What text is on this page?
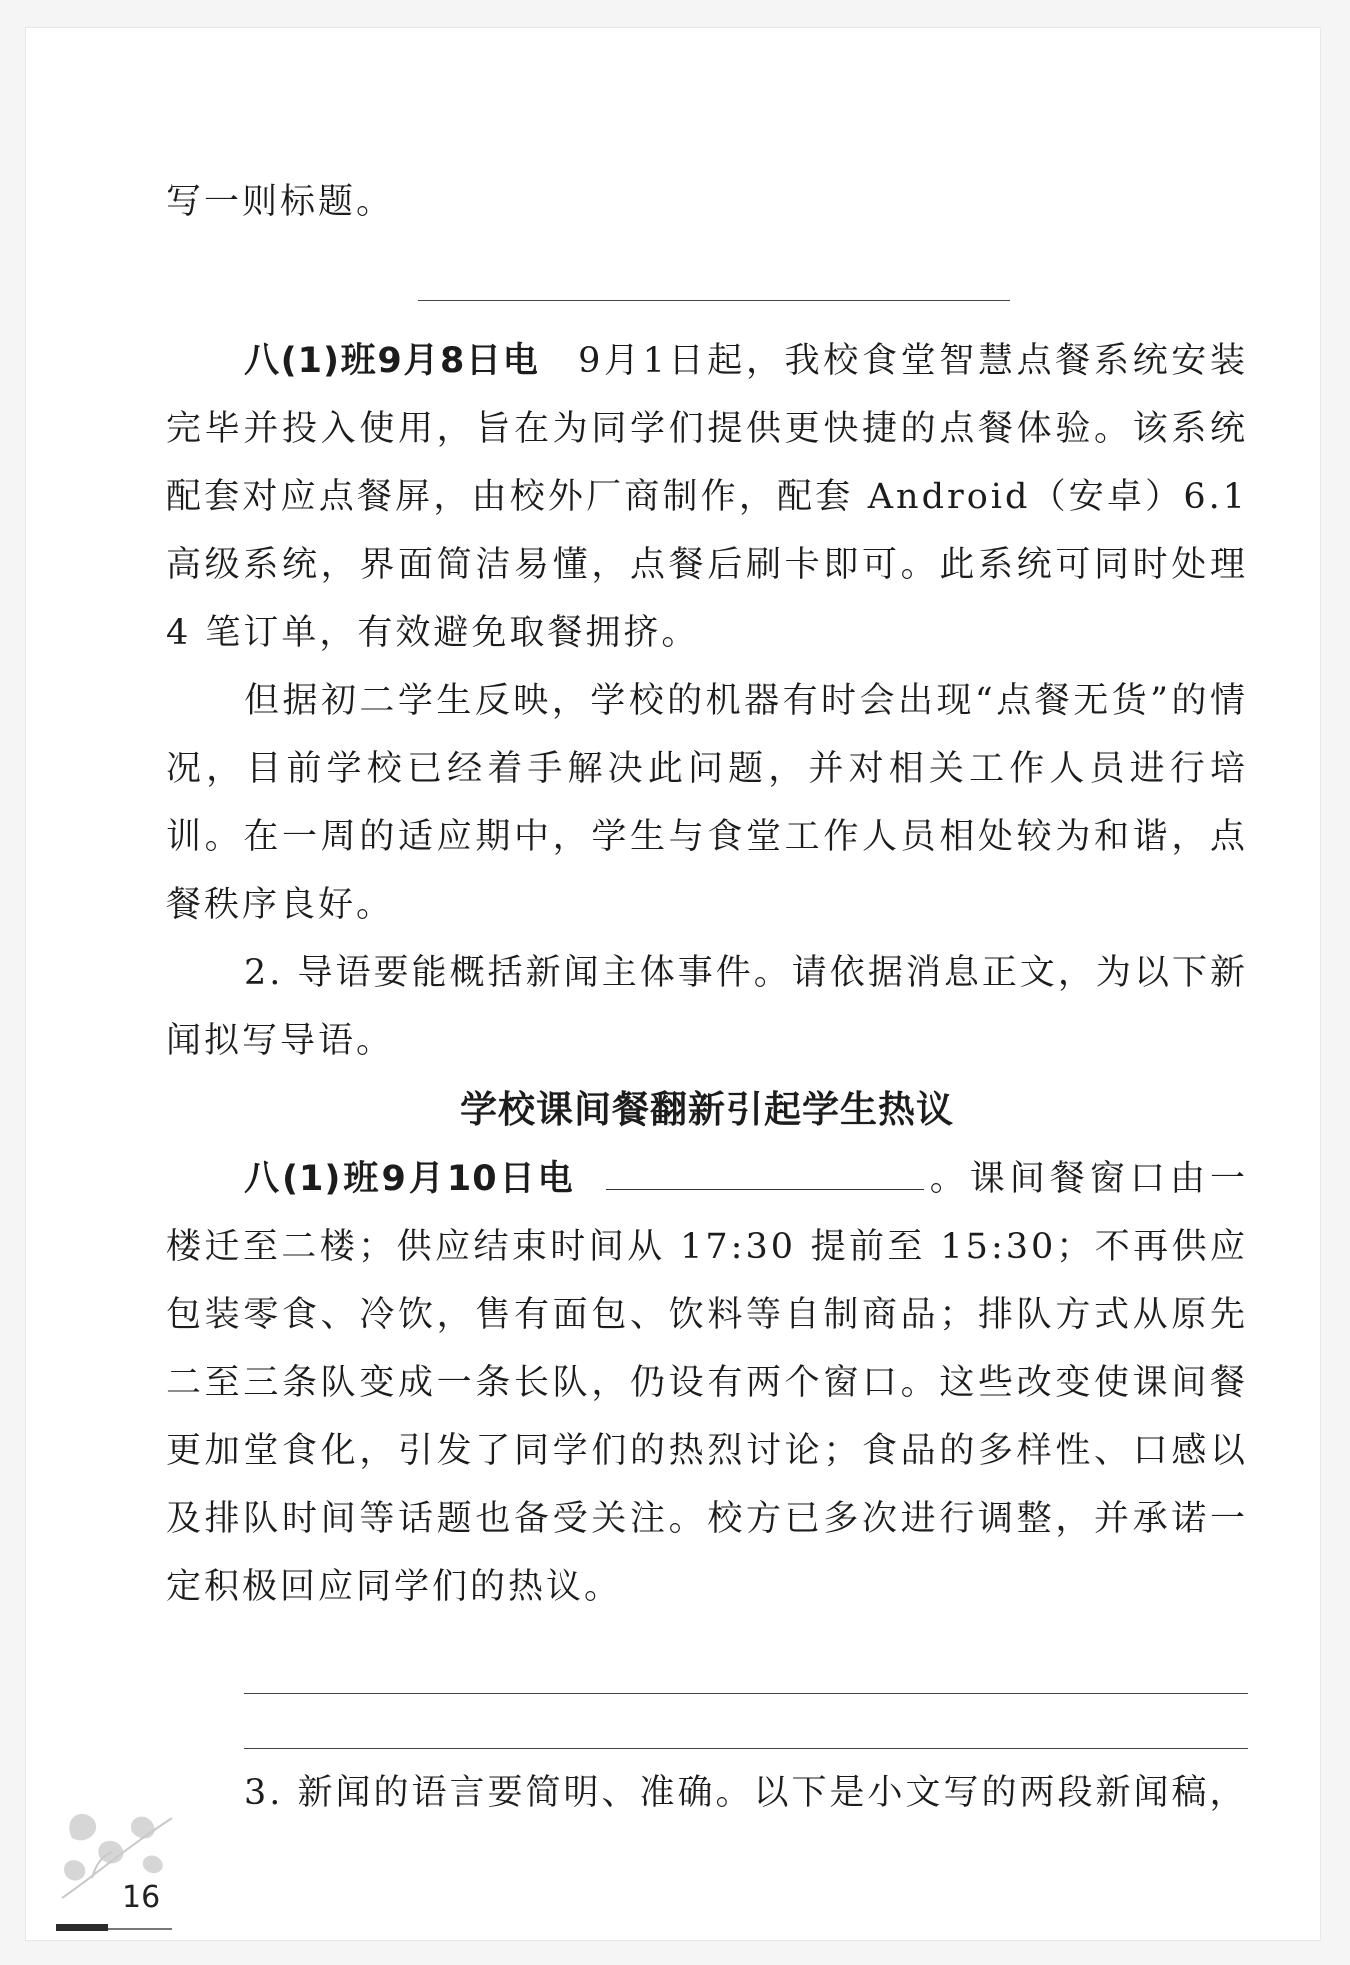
16

写一则标题。

八(1)班9月8日电　 9月1日起，我校食堂智慧点餐系统安装完毕并投入使用，旨在为同学们提供更快捷的点餐体验。该系统配套对应点餐屏，由校外厂商制作，配套 Android（安卓）6.1 高级系统，界面简洁易懂，点餐后刷卡即可。此系统可同时处理 4 笔订单，有效避免取餐拥挤。

但据初二学生反映，学校的机器有时会出现“点餐无货”的情况，目前学校已经着手解决此问题，并对相关工作人员进行培训。在一周的适应期中，学生与食堂工作人员相处较为和谐，点餐秩序良好。

2. 导语要能概括新闻主体事件。请依据消息正文，为以下新闻拟写导语。

学校课间餐翻新引起学生热议

八(1)班9月10日电	。课间餐窗口由一楼迁至二楼；供应结束时间从 17:30 提前至 15:30；不再供应包装零食、冷饮，售有面包、饮料等自制商品；排队方式从原先二至三条队变成一条长队，仍设有两个窗口。这些改变使课间餐更加堂食化，引发了同学们的热烈讨论；食品的多样性、口感以及排队时间等话题也备受关注。校方已多次进行调整，并承诺一定积极回应同学们的热议。

3. 新闻的语言要简明、准确。以下是小文写的两段新闻稿，
